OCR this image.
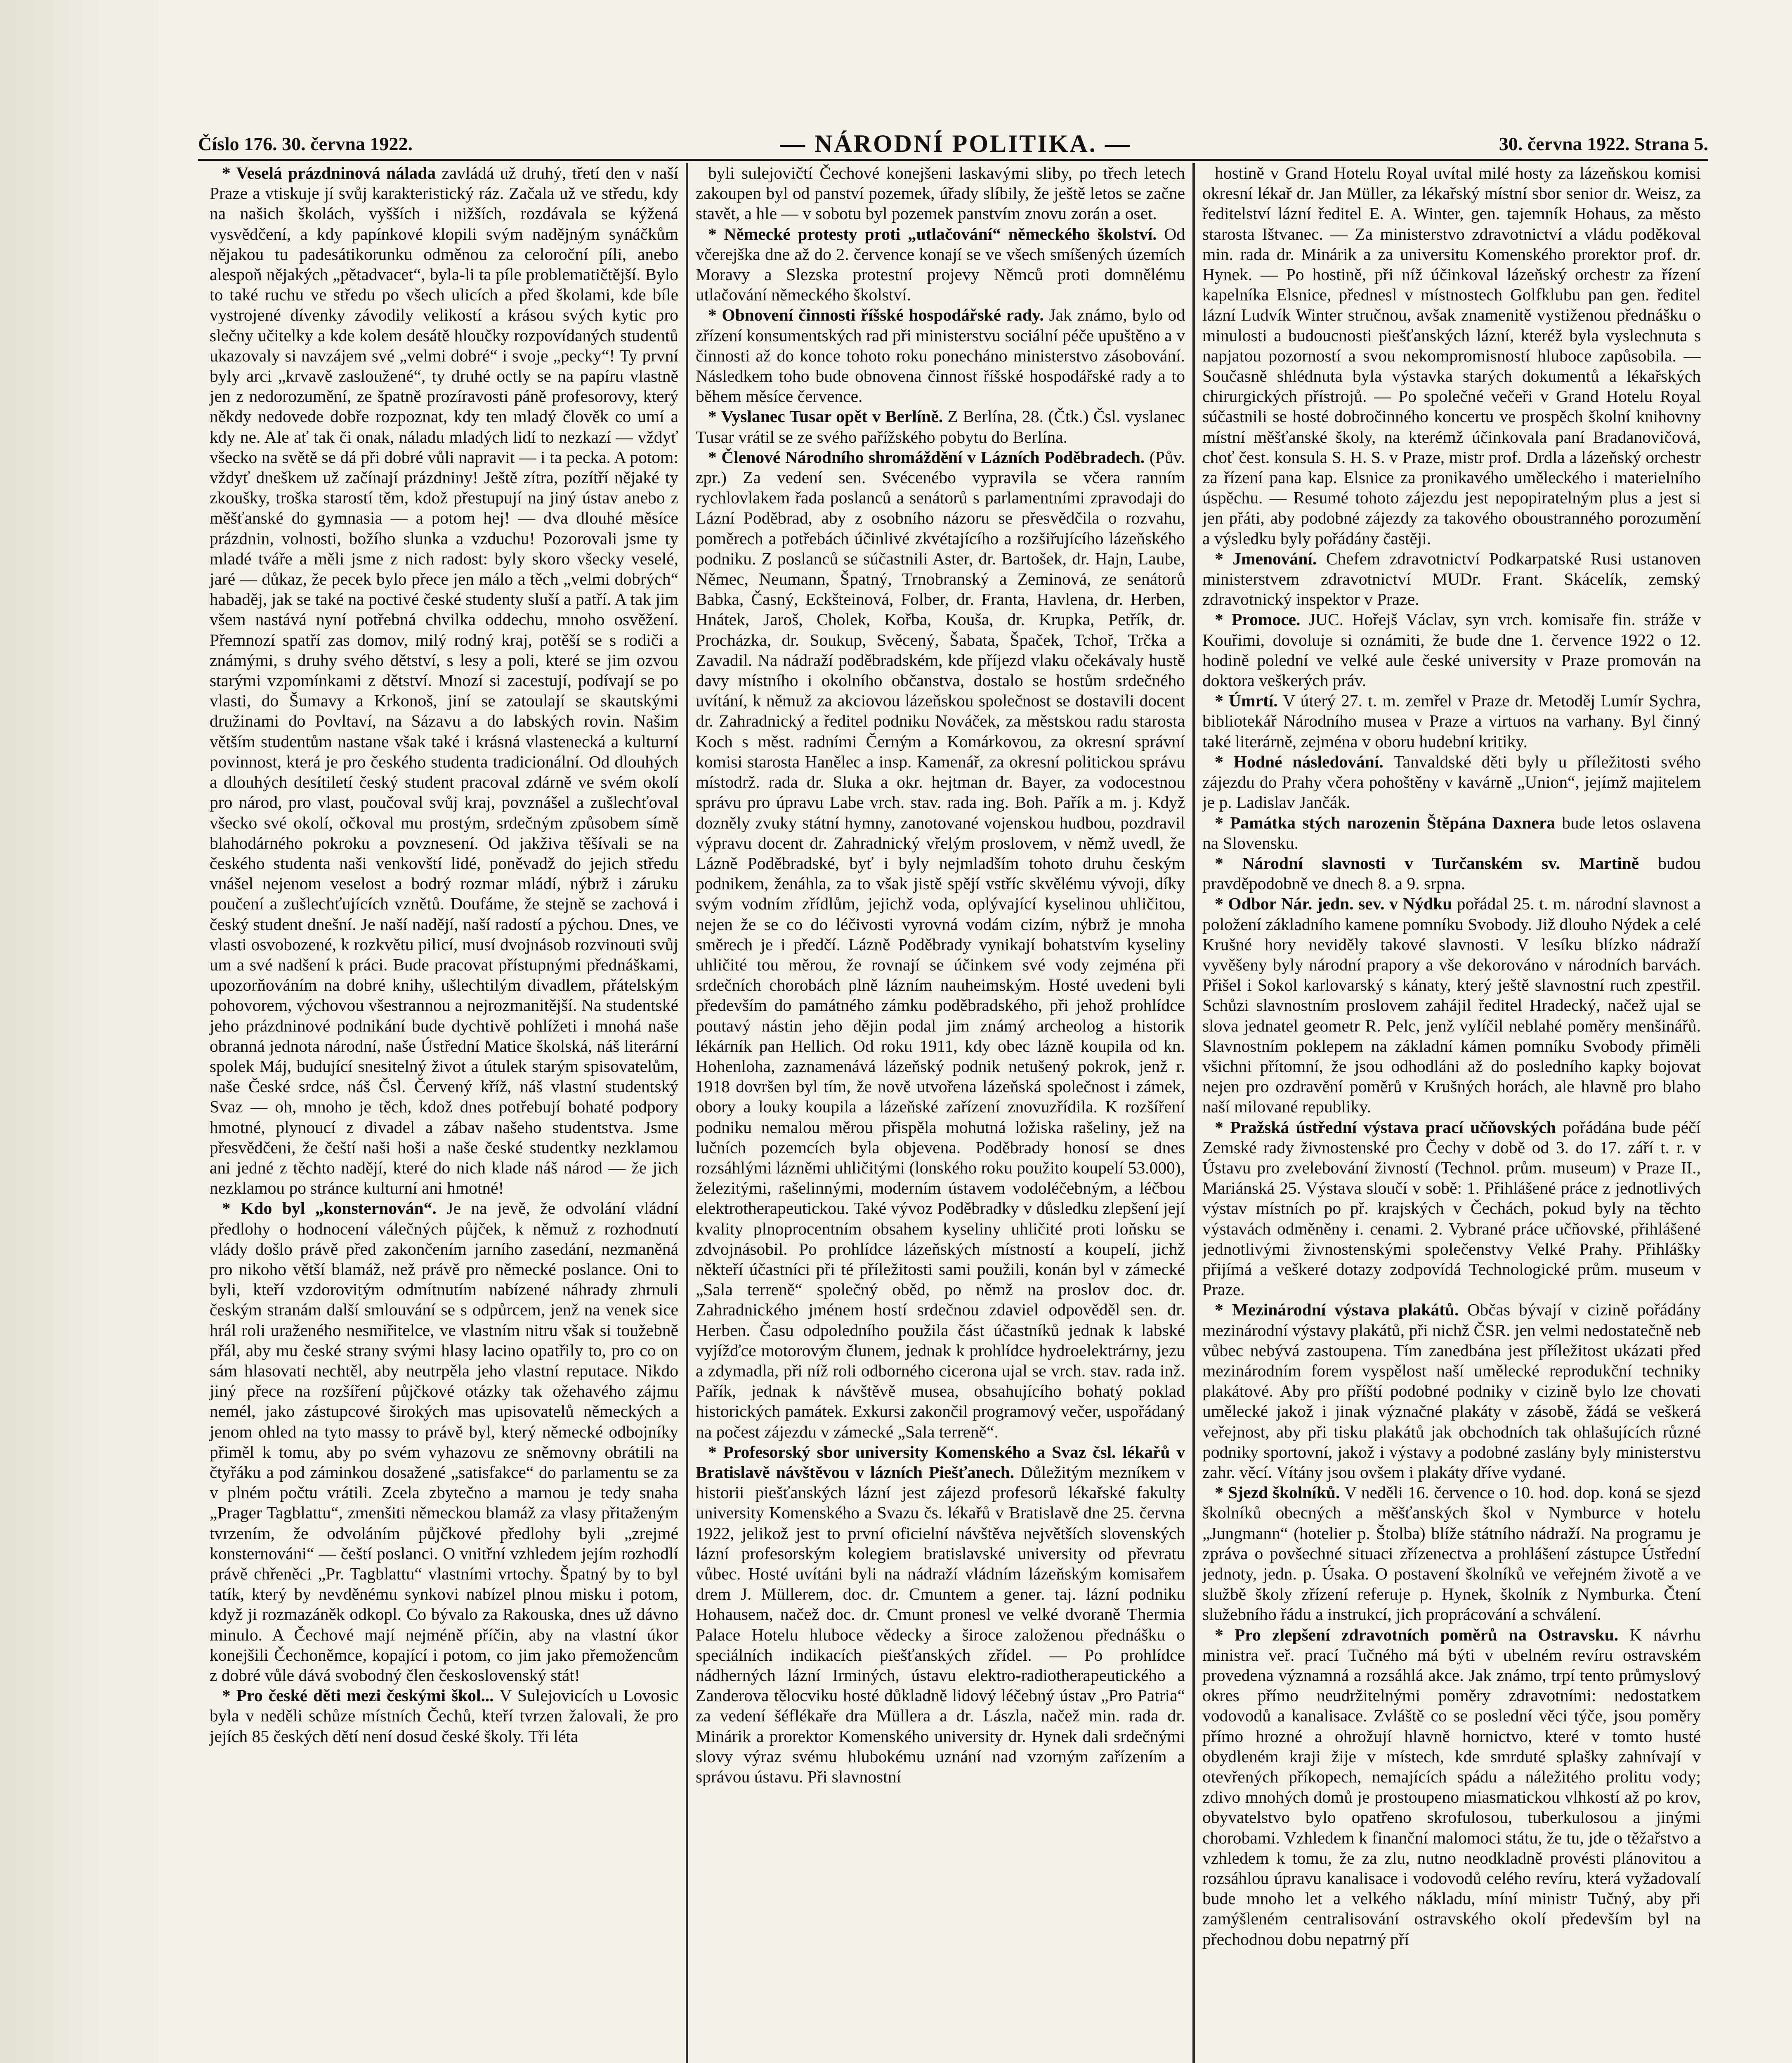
Číslo 176. 30. června 1922.	— NÁRODNÍ POLITIKA. —	30. června 1922. Strana 5.

* Veselá prázdninová nálada zavládá už druhý, třetí den v naší Praze a vtiskuje jí svůj karakteristický ráz. Začala už ve středu, kdy na našich školách, vyšších i nižších, rozdávala se kýžená vysvědčení, a kdy papínkové klopili svým nadějným synáčkům nějakou tu padesátikorunku odměnou za celoroční píli, anebo alespoň nějakých „pětadvacet“, byla-li ta píle problematičtější. Bylo to také ruchu ve středu po všech ulicích a před školami, kde bíle vystrojené dívenky závodily velikostí a krásou svých kytic pro slečny učitelky a kde kolem desátě hloučky rozpovídaných studentů ukazovaly si navzájem své „velmi dobré“ i svoje „pecky“! Ty první byly arci „krvavě zasloužené“, ty druhé octly se na papíru vlastně jen z nedorozumění, ze špatně prozíravosti páně profesorovy, který někdy nedovede dobře rozpoznat, kdy ten mladý člověk co umí a kdy ne. Ale ať tak či onak, náladu mladých lidí to nezkazí — vždyť všecko na světě se dá při dobré vůli napravit — i ta pecka. A potom: vždyť dneškem už začínají prázdniny! Ještě zítra, pozítří nějaké ty zkoušky, troška starostí těm, kdož přestupují na jiný ústav anebo z měšťanské do gymnasia — a potom hej! — dva dlouhé měsíce prázdnin, volnosti, božího slunka a vzduchu! Pozorovali jsme ty mladé tváře a měli jsme z nich radost: byly skoro všecky veselé, jaré — důkaz, že pecek bylo přece jen málo a těch „velmi dobrých“ habaděj, jak se také na poctivé české studenty sluší a patří. A tak jim všem nastává nyní potřebná chvilka oddechu, mnoho osvěžení. Přemnozí spatří zas domov, milý rodný kraj, potěší se s rodiči a známými, s druhy svého dětství, s lesy a poli, které se jim ozvou starými vzpomínkami z dětství. Mnozí si zacestují, podívají se po vlasti, do Šumavy a Krkonoš, jiní se zatoulají se skautskými družinami do Povltaví, na Sázavu a do labských rovin. Našim větším studentům nastane však také i krásná vlastenecká a kulturní povinnost, která je pro českého studenta tradicionální. Od dlouhých a dlouhých desítiletí český student pracoval zdárně ve svém okolí pro národ, pro vlast, poučoval svůj kraj, povznášel a zušlechťoval všecko své okolí, očkoval mu prostým, srdečným způsobem símě blahodárného pokroku a povznesení. Od jakživa těšívali se na českého studenta naši venkovští lidé, poněvadž do jejich středu vnášel nejenom veselost a bodrý rozmar mládí, nýbrž i záruku poučení a zušlechťujících vznětů. Doufáme, že stejně se zachová i český student dnešní. Je naší nadějí, naší radostí a pýchou. Dnes, ve vlasti osvobozené, k rozkvětu pilicí, musí dvojnásob rozvinouti svůj um a své nadšení k práci. Bude pracovat přístupnými přednáškami, upozorňováním na dobré knihy, ušlechtilým divadlem, přátelským pohovorem, výchovou všestrannou a nejrozmanitější. Na studentské jeho prázdninové podnikání bude dychtivě pohlížeti i mnohá naše obranná jednota národní, naše Ústřední Matice školská, náš literární spolek Máj, budující snesitelný život a útulek starým spisovatelům, naše České srdce, náš Čsl. Červený kříž, náš vlastní studentský Svaz — oh, mnoho je těch, kdož dnes potřebují bohaté podpory hmotné, plynoucí z divadel a zábav našeho studentstva. Jsme přesvědčeni, že čeští naši hoši a naše české studentky nezklamou ani jedné z těchto nadějí, které do nich klade náš národ — že jich nezklamou po stránce kulturní ani hmotné!

* Kdo byl „konsternován“. Je na jevě, že odvolání vládní předlohy o hodnocení válečných půjček, k němuž z rozhodnutí vlády došlo právě před zakončením jarního zasedání, nezmaněná pro nikoho větší blamáž, než právě pro německé poslance. Oni to byli, kteří vzdorovitým odmítnutím nabízené náhrady zhrnuli českým stranám další smlouvání se s odpůrcem, jenž na venek sice hrál roli uraženého nesmiřitelce, ve vlastním nitru však si toužebně přál, aby mu české strany svými hlasy lacino opatřily to, pro co on sám hlasovati nechtěl, aby neutrpěla jeho vlastní reputace. Nikdo jiný přece na rozšíření půjčkové otázky tak ožehavého zájmu nemél, jako zástupcové širokých mas upisovatelů německých a jenom ohled na tyto massy to právě byl, který německé odbojníky přiměl k tomu, aby po svém vyhazovu ze sněmovny obrátili na čtyřáku a pod záminkou dosažené „satisfakce“ do parlamentu se za v plném počtu vrátili. Zcela zbytečno a marnou je tedy snaha „Prager Tagblattu“, zmenšiti německou blamáž za vlasy přitaženým tvrzením, že odvoláním půjčkové předlohy byli „zrejmé konsternováni“ — čeští poslanci. O vnitřní vzhledem jejím rozhodlí právě chřeněci „Pr. Tagblattu“ vlastními vrtochy. Špatný by to byl tatík, který by nevděnému synkovi nabízel plnou misku i potom, když ji rozmazáněk odkopl. Co bývalo za Rakouska, dnes už dávno minulo. A Čechové mají nejméně příčin, aby na vlastní úkor konejšili Čechoněmce, kopající i potom, co jim jako přemožencům z dobré vůle dává svobodný člen československý stát!

* Pro české děti mezi českými škol... V Sulejovicích u Lovosic byla v neděli schůze místních Čechů, kteří tvrzen žalovali, že pro jejích 85 českých dětí není dosud české školy. Tři léta

byli sulejovičtí Čechové konejšeni laskavými sliby, po třech letech zakoupen byl od panství pozemek, úřady slíbily, že ještě letos se začne stavět, a hle — v sobotu byl pozemek panstvím znovu zorán a oset.

* Německé protesty proti „utlačování“ německého školství. Od včerejška dne až do 2. července konají se ve všech smíšených územích Moravy a Slezska protestní projevy Němců proti domnělému utlačování německého školství.

* Obnovení činnosti říšské hospodářské rady. Jak známo, bylo od zřízení konsumentských rad při ministerstvu sociální péče upuštěno a v činnosti až do konce tohoto roku ponecháno ministerstvo zásobování. Následkem toho bude obnovena činnost říšské hospodářské rady a to během měsíce července.

* Vyslanec Tusar opět v Berlíně. Z Berlína, 28. (Čtk.) Čsl. vyslanec Tusar vrátil se ze svého pařížského pobytu do Berlína.

* Členové Národního shromáždění v Lázních Poděbradech. (Pův. zpr.) Za vedení sen. Svécenébo vypravila se včera ranním rychlovlakem řada poslanců a senátorů s parlamentními zpravodaji do Lázní Poděbrad, aby z osobního názoru se přesvědčila o rozvahu, poměrech a potřebách účinlivé zkvétajícího a rozšiřujícího lázeňského podniku. Z poslanců se súčastnili Aster, dr. Bartošek, dr. Hajn, Laube, Němec, Neumann, Špatný, Trnobranský a Zeminová, ze senátorů Babka, Časný, Eckšteinová, Folber, dr. Franta, Havlena, dr. Herben, Hnátek, Jaroš, Cholek, Kořba, Kouša, dr. Krupka, Petřík, dr. Procházka, dr. Soukup, Svěcený, Šabata, Špaček, Tchoř, Trčka a Zavadil. Na nádraží poděbradském, kde příjezd vlaku očekávaly hustě davy místního i okolního občanstva, dostalo se hostům srdečného uvítání, k němuž za akciovou lázeňskou společnost se dostavili docent dr. Zahradnický a ředitel podniku Nováček, za městskou radu starosta Koch s měst. radními Černým a Komárkovou, za okresní správní komisi starosta Hanělec a insp. Kamenář, za okresní politickou správu místodrž. rada dr. Sluka a okr. hejtman dr. Bayer, za vodocestnou správu pro úpravu Labe vrch. stav. rada ing. Boh. Pařík a m. j. Když dozněly zvuky státní hymny, zanotované vojenskou hudbou, pozdravil výpravu docent dr. Zahradnický vřelým proslovem, v němž uvedl, že Lázně Poděbradské, byť i byly nejmladším tohoto druhu českým podnikem, ženáhla, za to však jistě spějí vstříc skvělému vývoji, díky svým vodním zřídlům, jejichž voda, oplývající kyselinou uhličitou, nejen že se co do léčivosti vyrovná vodám cizím, nýbrž je mnoha směrech je i předčí. Lázně Poděbrady vynikají bohatstvím kyseliny uhličité tou měrou, že rovnají se účinkem své vody zejména při srdečních chorobách plně lázním nauheimským. Hosté uvedeni byli především do památného zámku poděbradského, při jehož prohlídce poutavý nástin jeho dějin podal jim známý archeolog a historik lékárník pan Hellich. Od roku 1911, kdy obec lázně koupila od kn. Hohenloha, zaznamenává lázeňský podnik netušený pokrok, jenž r. 1918 dovršen byl tím, že nově utvořena lázeňská společnost i zámek, obory a louky koupila a lázeňské zařízení znovuzřídila. K rozšíření podniku nemalou měrou přispěla mohutná ložiska rašeliny, jež na lučních pozemcích byla objevena. Poděbrady honosí se dnes rozsáhlými lázněmi uhličitými (lonského roku použito koupelí 53.000), železitými, rašelinnými, moderním ústavem vodoléčebným, a léčbou elektrotherapeutickou. Také vývoz Poděbradky v důsledku zlepšení její kvality plnoprocentním obsahem kyseliny uhličité proti loňsku se zdvojnásobil. Po prohlídce lázeňských místností a koupelí, jichž někteří účastníci při té příležitosti sami použili, konán byl v zámecké „Sala terreně“ společný oběd, po němž na proslov doc. dr. Zahradnického jménem hostí srdečnou zdaviel odpověděl sen. dr. Herben. Času odpoledního použila část účastníků jednak k labské vyjížďce motorovým člunem, jednak k prohlídce hydroelektrárny, jezu a zdymadla, při níž roli odborného cicerona ujal se vrch. stav. rada inž. Pařík, jednak k návštěvě musea, obsahujícího bohatý poklad historických památek. Exkursi zakončil programový večer, uspořádaný na počest zájezdu v zámecké „Sala terreně“.

* Profesorský sbor university Komenského a Svaz čsl. lékařů v Bratislavě návštěvou v lázních Piešťanech. Důležitým mezníkem v historii piešťanských lázní jest zájezd profesorů lékařské fakulty university Komenského a Svazu čs. lékařů v Bratislavě dne 25. června 1922, jelikož jest to první oficielní návštěva největších slovenských lázní profesorským kolegiem bratislavské university od převratu vůbec. Hosté uvítáni byli na nádraží vládním lázeňským komisařem drem J. Müllerem, doc. dr. Cmuntem a gener. taj. lázní podniku Hohausem, načež doc. dr. Cmunt pronesl ve velké dvoraně Thermia Palace Hotelu hluboce vědecky a široce založenou přednášku o speciálních indikacích piešťanských zřídel. — Po prohlídce nádherných lázní Irminých, ústavu elektro-radiotherapeutického a Zanderova tělocviku hosté důkladně lidový léčebný ústav „Pro Patria“ za vedení šéflékaře dra Müllera a dr. Lászla, načež min. rada dr. Minárik a prorektor Komenského university dr. Hynek dali srdečnými slovy výraz svému hlubokému uznání nad vzorným zařízením a správou ústavu. Při slavnostní

hostině v Grand Hotelu Royal uvítal milé hosty za lázeňskou komisi okresní lékař dr. Jan Müller, za lékařský místní sbor senior dr. Weisz, za ředitelství lázní ředitel E. A. Winter, gen. tajemník Hohaus, za město starosta Ištvanec. — Za ministerstvo zdravotnictví a vládu poděkoval min. rada dr. Minárik a za universitu Komenského prorektor prof. dr. Hynek. — Po hostině, při níž účinkoval lázeňský orchestr za řízení kapelníka Elsnice, přednesl v místnostech Golfklubu pan gen. ředitel lázní Ludvík Winter stručnou, avšak znamenitě vystiženou přednášku o minulosti a budoucnosti piešťanských lázní, kteréž byla vyslechnuta s napjatou pozorností a svou nekompromisností hluboce zapůsobila. — Současně shlédnuta byla výstavka starých dokumentů a lékařských chirurgických přístrojů. — Po společné večeři v Grand Hotelu Royal súčastnili se hosté dobročinného koncertu ve prospěch školní knihovny místní měšťanské školy, na kterémž účinkovala paní Bradanovičová, choť čest. konsula S. H. S. v Praze, mistr prof. Drdla a lázeňský orchestr za řízení pana kap. Elsnice za pronikavého uměleckého i materielního úspěchu. — Resumé tohoto zájezdu jest nepopiratelným plus a jest si jen přáti, aby podobné zájezdy za takového oboustranného porozumění a výsledku byly pořádány častěji.

* Jmenování. Chefem zdravotnictví Podkarpatské Rusi ustanoven ministerstvem zdravotnictví MUDr. Frant. Skácelík, zemský zdravotnický inspektor v Praze.

* Promoce. JUC. Hořejš Václav, syn vrch. komisaře fin. stráže v Kouřimi, dovoluje si oznámiti, že bude dne 1. července 1922 o 12. hodině polední ve velké aule české university v Praze promován na doktora veškerých práv.

* Úmrtí. V úterý 27. t. m. zemřel v Praze dr. Metoděj Lumír Sychra, bibliotekář Národního musea v Praze a virtuos na varhany. Byl činný také literárně, zejména v oboru hudební kritiky.

* Hodné následování. Tanvaldské děti byly u příležitosti svého zájezdu do Prahy včera pohoštěny v kavárně „Union“, jejímž majitelem je p. Ladislav Jančák.

* Památka stých narozenin Štěpána Daxnera bude letos oslavena na Slovensku.

* Národní slavnosti v Turčanském sv. Martině budou pravděpodobně ve dnech 8. a 9. srpna.

* Odbor Nár. jedn. sev. v Nýdku pořádal 25. t. m. národní slavnost a položení základního kamene pomníku Svobody. Již dlouho Nýdek a celé Krušné hory neviděly takové slavnosti. V lesíku blízko nádraží vyvěšeny byly národní prapory a vše dekorováno v národních barvách. Přišel i Sokol karlovarský s kánaty, který ještě slavnostní ruch zpestřil. Schůzi slavnostním proslovem zahájil ředitel Hradecký, načež ujal se slova jednatel geometr R. Pelc, jenž vylíčil neblahé poměry menšinářů. Slavnostním poklepem na základní kámen pomníku Svobody přiměli všichni přítomní, že jsou odhodláni až do posledního kapky bojovat nejen pro ozdravění poměrů v Krušných horách, ale hlavně pro blaho naší milované republiky.

* Pražská ústřední výstava prací učňovských pořádána bude péčí Zemské rady živnostenské pro Čechy v době od 3. do 17. září t. r. v Ústavu pro zvelebování živností (Technol. prům. museum) v Praze II., Mariánská 25. Výstava sloučí v sobě: 1. Přihlášené práce z jednotlivých výstav místních po př. krajských v Čechách, pokud byly na těchto výstavách odměněny i. cenami. 2. Vybrané práce učňovské, přihlášené jednotlivými živnostenskými společenstvy Velké Prahy. Přihlášky přijímá a veškeré dotazy zodpovídá Technologické prům. museum v Praze.

* Mezinárodní výstava plakátů. Občas bývají v cizině pořádány mezinárodní výstavy plakátů, při nichž ČSR. jen velmi nedostatečně neb vůbec nebývá zastoupena. Tím zanedbána jest příležitost ukázati před mezinárodním forem vyspělost naší umělecké reprodukční techniky plakátové. Aby pro příští podobné podniky v cizině bylo lze chovati umělecké jakož i jinak význačné plakáty v zásobě, žádá se veškerá veřejnost, aby při tisku plakátů jak obchodních tak ohlašujících různé podniky sportovní, jakož i výstavy a podobné zaslány byly ministerstvu zahr. věcí. Vítány jsou ovšem i plakáty dříve vydané.

* Sjezd školníků. V neděli 16. července o 10. hod. dop. koná se sjezd školníků obecných a měšťanských škol v Nymburce v hotelu „Jungmann“ (hotelier p. Štolba) blíže státního nádraží. Na programu je zpráva o povšechné situaci zřízenectva a prohlášení zástupce Ústřední jednoty, jedn. p. Úsaka. O postavení školníků ve veřejném životě a ve službě školy zřízení referuje p. Hynek, školník z Nymburka. Čtení služebního řádu a instrukcí, jich proprácování a schválení.

* Pro zlepšení zdravotních poměrů na Ostravsku. K návrhu ministra veř. prací Tučného má býti v ubelném revíru ostravském provedena významná a rozsáhlá akce. Jak známo, trpí tento průmyslový okres přímo neudržitelnými poměry zdravotními: nedostatkem vodovodů a kanalisace. Zvláště co se poslední věci týče, jsou poměry přímo hrozné a ohrožují hlavně hornictvo, které v tomto husté obydleném kraji žije v místech, kde smrduté splašky zahnívají v otevřených příkopech, nemajících spádu a náležitého prolitu vody; zdivo mnohých domů je prostoupeno miasmatickou vlhkostí až po krov, obyvatelstvo bylo opatřeno skrofulosou, tuberkulosou a jinými chorobami. Vzhledem k finanční malomoci státu, že tu, jde o těžařstvo a vzhledem k tomu, že za zlu, nutno neodkladně provésti plánovitou a rozsáhlou úpravu kanalisace i vodovodů celého revíru, která vyžadovalí bude mnoho let a velkého nákladu, míní ministr Tučný, aby při zamýšleném centralisování ostravského okolí především byl na přechodnou dobu nepatrný pří
